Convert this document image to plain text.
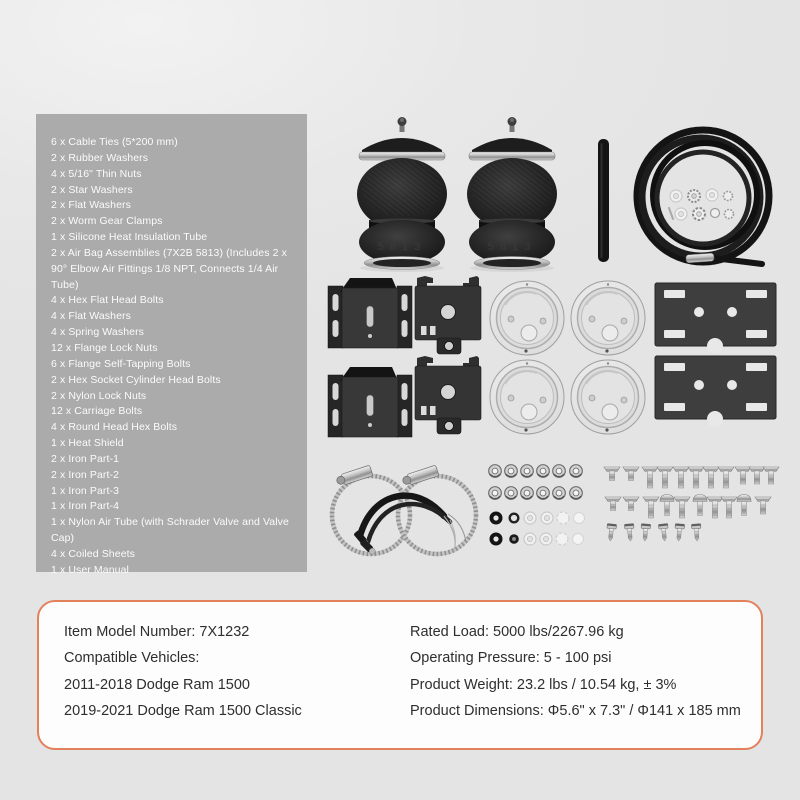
5813	5813
6 x Cable Ties (5*200 mm)
2 x Rubber Washers
4 x 5/16" Thin Nuts
2 x Star Washers
2 x Flat Washers
2 x Worm Gear Clamps
1 x Silicone Heat Insulation Tube
2 x Air Bag Assemblies (7X2B 5813) (Includes 2 x 90° Elbow Air Fittings 1/8 NPT, Connects 1/4 Air Tube)
4 x Hex Flat Head Bolts
4 x Flat Washers
4 x Spring Washers
12 x Flange Lock Nuts
6 x Flange Self-Tapping Bolts
2 x Hex Socket Cylinder Head Bolts
2 x Nylon Lock Nuts
12 x Carriage Bolts
4 x Round Head Hex Bolts
1 x Heat Shield
2 x Iron Part-1
2 x Iron Part-2
1 x Iron Part-3
1 x Iron Part-4
1 x Nylon Air Tube (with Schrader Valve and Valve Cap)
4 x Coiled Sheets
1 x User Manual
Item Model Number: 7X1232
Compatible Vehicles:
2011-2018 Dodge Ram 1500
2019-2021 Dodge Ram 1500 Classic
Rated Load: 5000 lbs/2267.96 kg
Operating Pressure: 5 - 100 psi
Product Weight: 23.2 lbs / 10.54 kg, ± 3%
Product Dimensions: Φ5.6" x 7.3" / Φ141 x 185 mm
